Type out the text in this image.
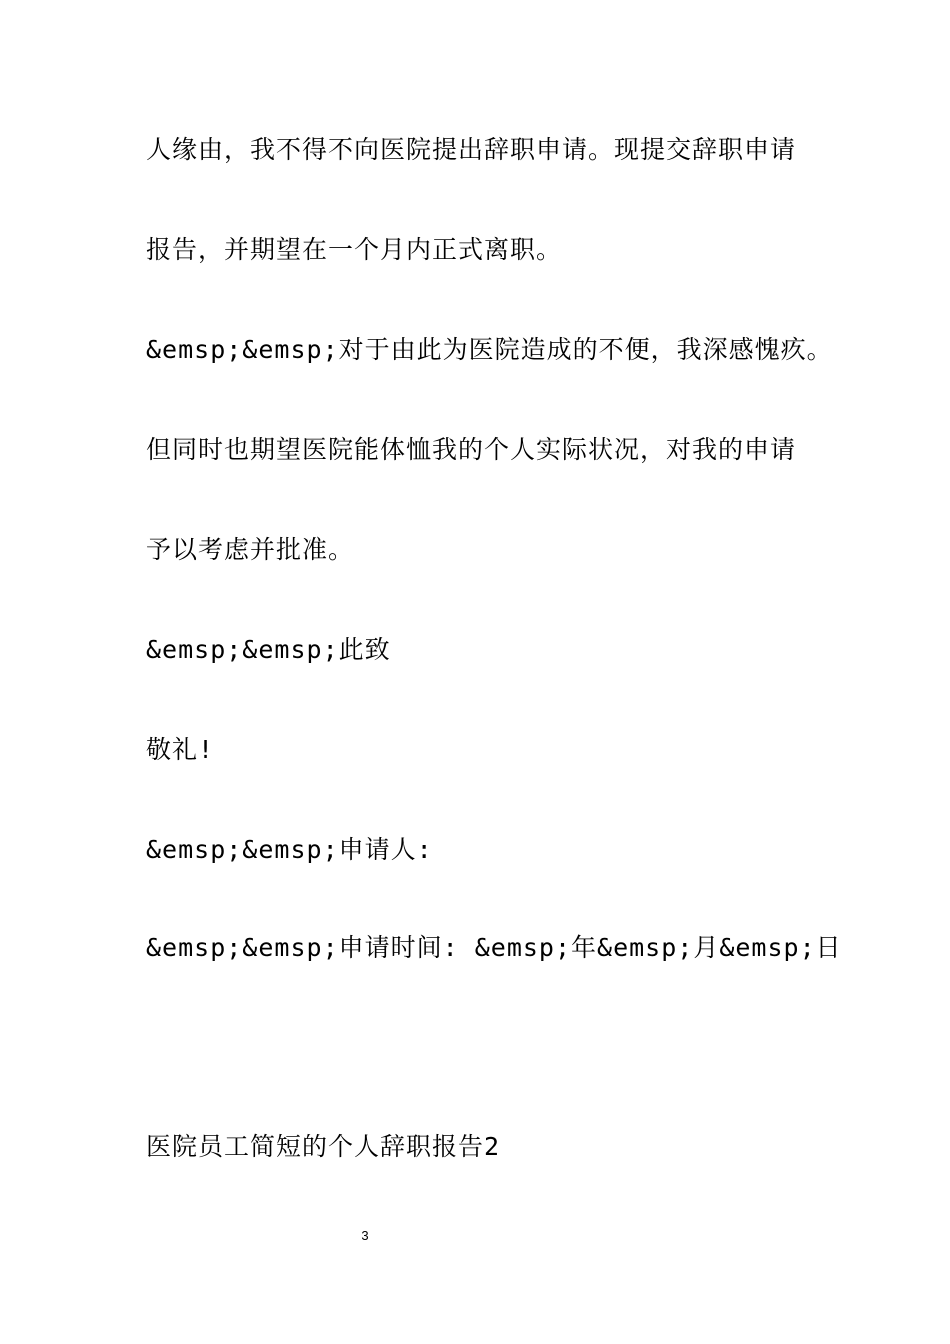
人缘由，我不得不向医院提出辞职申请。现提交辞职申请
报告，并期望在一个月内正式离职。
&emsp;&emsp;对于由此为医院造成的不便，我深感愧疚。
但同时也期望医院能体恤我的个人实际状况，对我的申请
予以考虑并批准。
&emsp;&emsp;此致
敬礼!
&emsp;&emsp;申请人:
&emsp;&emsp;申请时间: &emsp;年&emsp;月&emsp;日
医院员工简短的个人辞职报告2
3
